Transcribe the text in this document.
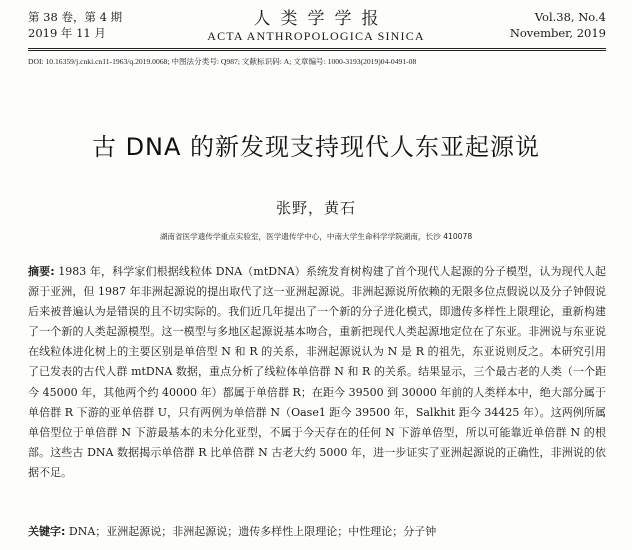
第 38 卷，第 4 期
2019 年 11 月
人类学学报
ACTA ANTHROPOLOGICA SINICA
Vol.38, No.4
November, 2019
DOI: 10.16359/j.cnki.cn11-1963/q.2019.0068; 中图法分类号: Q987; 文献标识码: A; 文章编号: 1000-3193(2019)04-0491-08
古 DNA 的新发现支持现代人东亚起源说
张野，黄石
湖南省医学遗传学重点实验室，医学遗传学中心，中南大学生命科学学院湖南，长沙 410078
摘要: 1983 年，科学家们根据线粒体 DNA（mtDNA）系统发育树构建了首个现代人起源的分子模型，认为现代人起源于亚洲，但 1987 年非洲起源说的提出取代了这一亚洲起源说。非洲起源说所依赖的无限多位点假说以及分子钟假说后来被普遍认为是错误的且不切实际的。我们近几年提出了一个新的分子进化模式，即遗传多样性上限理论，重新构建了一个新的人类起源模型。这一模型与多地区起源说基本吻合，重新把现代人类起源地定位在了东亚。非洲说与东亚说在线粒体进化树上的主要区别是单倍型 N 和 R 的关系，非洲起源说认为 N 是 R 的祖先，东亚说则反之。本研究引用了已发表的古代人群 mtDNA 数据，重点分析了线粒体单倍群 N 和 R 的关系。结果显示，三个最古老的人类（一个距今 45000 年，其他两个约 40000 年）都属于单倍群 R；在距今 39500 到 30000 年前的人类样本中，绝大部分属于单倍群 R 下游的亚单倍群 U，只有两例为单倍群 N（Oase1 距今 39500 年，Salkhit 距今 34425 年）。这两例所属单倍型位于单倍群 N 下游最基本的未分化亚型，不属于今天存在的任何 N 下游单倍型，所以可能靠近单倍群 N 的根部。这些古 DNA 数据揭示单倍群 R 比单倍群 N 古老大约 5000 年，进一步证实了亚洲起源说的正确性，非洲说的依据不足。
关键字: DNA；亚洲起源说；非洲起源说；遗传多样性上限理论；中性理论；分子钟
